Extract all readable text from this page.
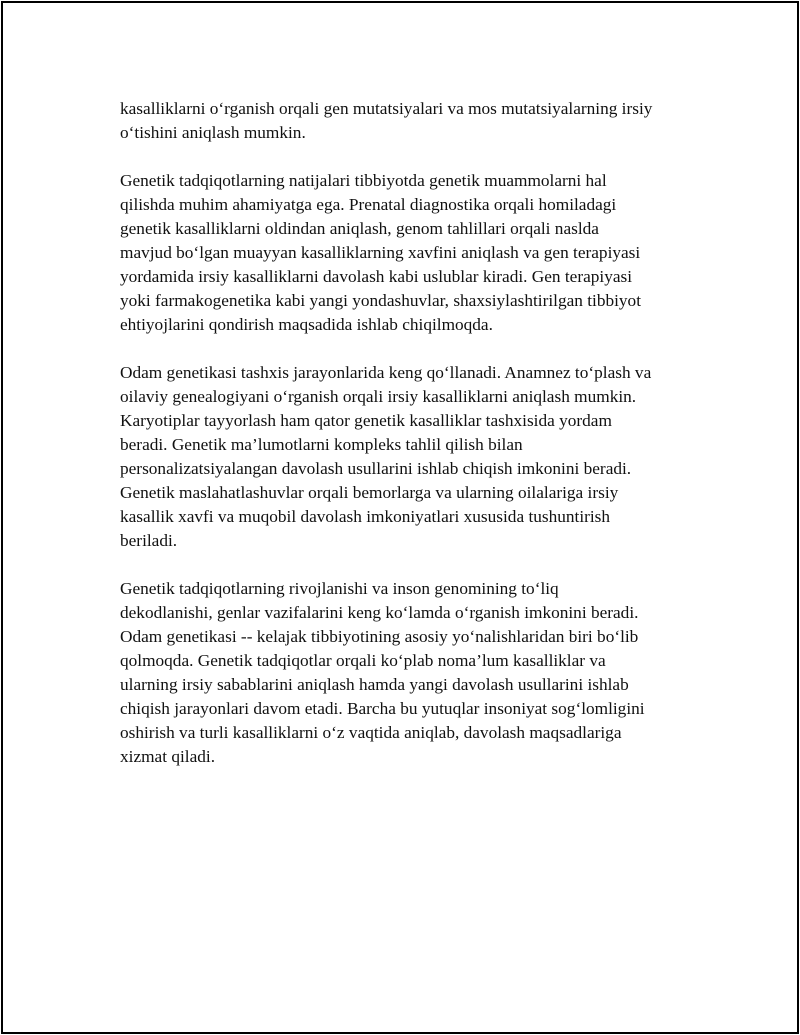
kasalliklarni o‘rganish orqali gen mutatsiyalari va mos mutatsiyalarning irsiy
o‘tishini aniqlash mumkin.

Genetik tadqiqotlarning natijalari tibbiyotda genetik muammolarni hal
qilishda muhim ahamiyatga ega. Prenatal diagnostika orqali homiladagi
genetik kasalliklarni oldindan aniqlash, genom tahlillari orqali naslda
mavjud bo‘lgan muayyan kasalliklarning xavfini aniqlash va gen terapiyasi
yordamida irsiy kasalliklarni davolash kabi uslublar kiradi. Gen terapiyasi
yoki farmakogenetika kabi yangi yondashuvlar, shaxsiylashtirilgan tibbiyot
ehtiyojlarini qondirish maqsadida ishlab chiqilmoqda.

Odam genetikasi tashxis jarayonlarida keng qo‘llanadi. Anamnez to‘plash va
oilaviy genealogiyani o‘rganish orqali irsiy kasalliklarni aniqlash mumkin.
Karyotiplar tayyorlash ham qator genetik kasalliklar tashxisida yordam
beradi. Genetik ma’lumotlarni kompleks tahlil qilish bilan
personalizatsiyalangan davolash usullarini ishlab chiqish imkonini beradi.
Genetik maslahatlashuvlar orqali bemorlarga va ularning oilalariga irsiy
kasallik xavfi va muqobil davolash imkoniyatlari xususida tushuntirish
beriladi.

Genetik tadqiqotlarning rivojlanishi va inson genomining to‘liq
dekodlanishi, genlar vazifalarini keng ko‘lamda o‘rganish imkonini beradi.
Odam genetikasi -- kelajak tibbiyotining asosiy yo‘nalishlaridan biri bo‘lib
qolmoqda. Genetik tadqiqotlar orqali ko‘plab noma’lum kasalliklar va
ularning irsiy sabablarini aniqlash hamda yangi davolash usullarini ishlab
chiqish jarayonlari davom etadi. Barcha bu yutuqlar insoniyat sog‘lomligini
oshirish va turli kasalliklarni o‘z vaqtida aniqlab, davolash maqsadlariga
xizmat qiladi.
